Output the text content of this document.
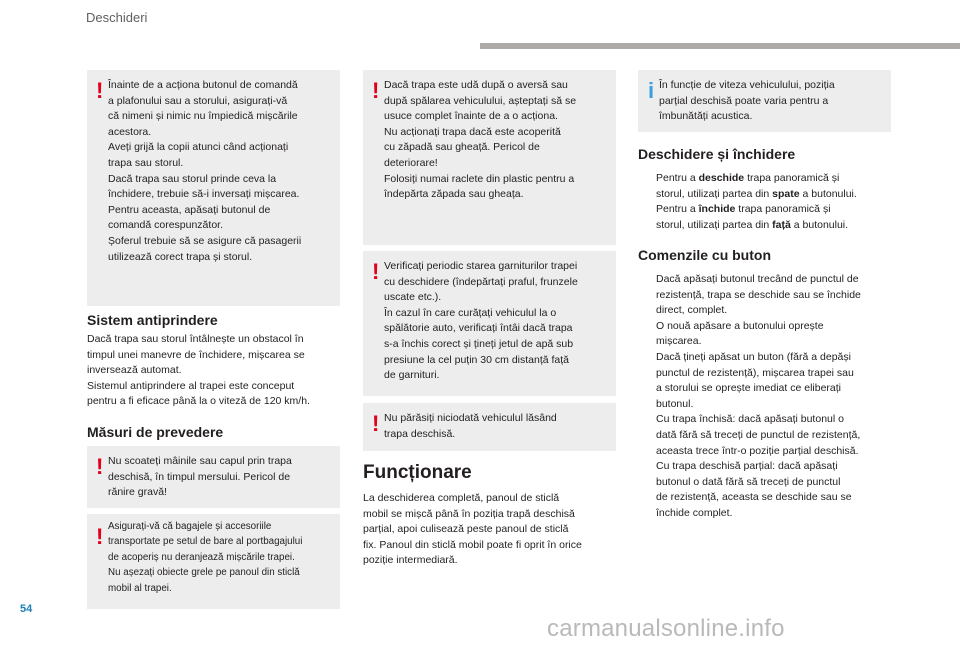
Deschideri
! Înainte de a acționa butonul de comandă
a plafonului sau a storului, asigurați-vă
că nimeni și nimic nu împiedică mișcările
acestora.
Aveți grijă la copii atunci când acționați
trapa sau storul.
Dacă trapa sau storul prinde ceva la
închidere, trebuie să-i inversați mișcarea.
Pentru aceasta, apăsați butonul de
comandă corespunzător.
Șoferul trebuie să se asigure că pasagerii
utilizează corect trapa și storul.

Sistem antiprindere

Dacă trapa sau storul întâlnește un obstacol în
timpul unei manevre de închidere, mișcarea se
inversează automat.
Sistemul antiprindere al trapei este conceput
pentru a fi eficace până la o viteză de 120 km/h.

Măsuri de prevedere
! Nu scoateți mâinile sau capul prin trapa
deschisă, în timpul mersului. Pericol de
rănire gravă!

! Asigurați-vă că bagajele și accesoriile
transportate pe setul de bare al portbagajului
de acoperiș nu deranjează mișcările trapei.
Nu așezați obiecte grele pe panoul din sticlă
mobil al trapei.

! Dacă trapa este udă după o aversă sau
după spălarea vehiculului, așteptați să se
usuce complet înainte de a o acționa.
Nu acționați trapa dacă este acoperită
cu zăpadă sau gheață. Pericol de
deteriorare!
Folosiți numai raclete din plastic pentru a
îndepărta zăpada sau gheața.

! Verificați periodic starea garniturilor trapei
cu deschidere (îndepărtați praful, frunzele
uscate etc.).
În cazul în care curățați vehiculul la o
spălătorie auto, verificați întâi dacă trapa
s-a închis corect și țineți jetul de apă sub
presiune la cel puțin 30 cm distanță față
de garnituri.

! Nu părăsiți niciodată vehiculul lăsând
trapa deschisă.

Funcționare

La deschiderea completă, panoul de sticlă
mobil se mișcă până în poziția trapă deschisă
parțial, apoi culisează peste panoul de sticlă
fix. Panoul din sticlă mobil poate fi oprit în orice
poziție intermediară.

i În funcție de viteza vehiculului, poziția
parțial deschisă poate varia pentru a
îmbunătăți acustica.

Deschidere și închidere
Pentru a deschide trapa panoramică și
storul, utilizați partea din spate a butonului.
Pentru a închide trapa panoramică și
storul, utilizați partea din față a butonului.
Comenzile cu buton
Dacă apăsați butonul trecând de punctul de
rezistență, trapa se deschide sau se închide
direct, complet.
O nouă apăsare a butonului oprește
mișcarea.
Dacă țineți apăsat un buton (fără a depăși
punctul de rezistență), mișcarea trapei sau
a storului se oprește imediat ce eliberați
butonul.
Cu trapa închisă: dacă apăsați butonul o
dată fără să treceți de punctul de rezistență,
aceasta trece într-o poziție parțial deschisă.
Cu trapa deschisă parțial: dacă apăsați
butonul o dată fără să treceți de punctul
de rezistență, aceasta se deschide sau se
închide complet.
54
carmanualsonline.info
